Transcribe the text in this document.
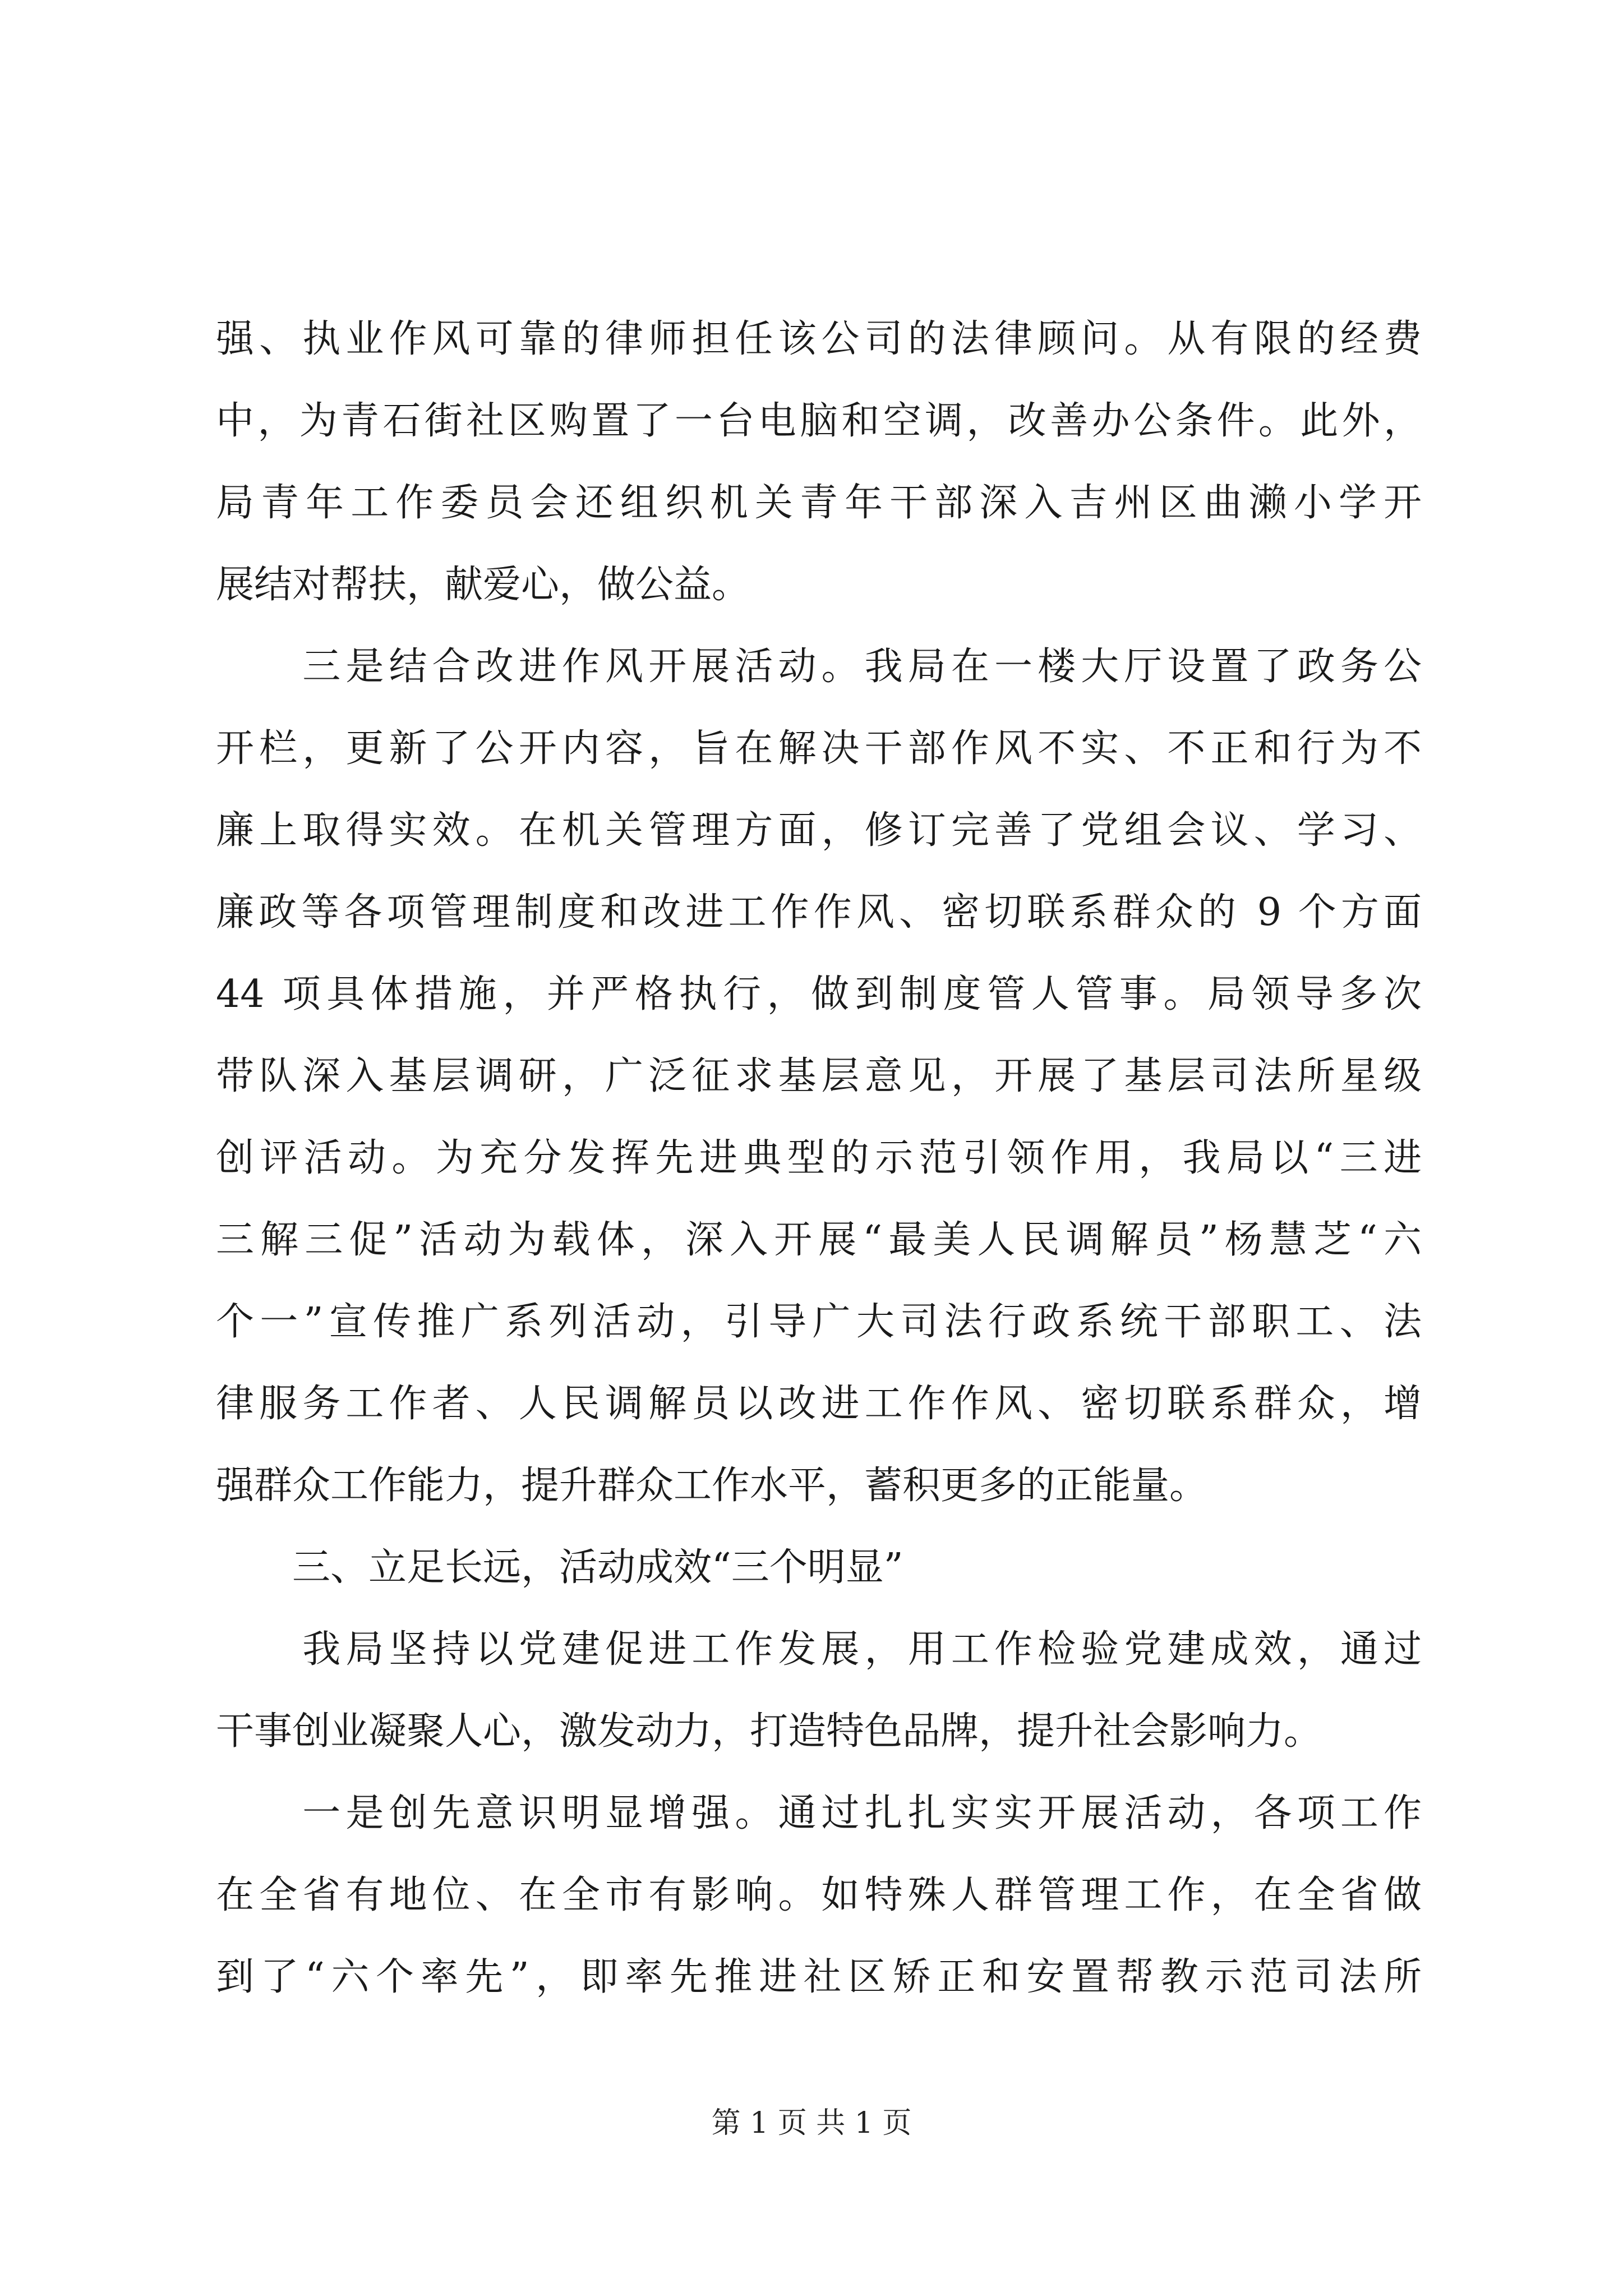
强、执业作风可靠的律师担任该公司的法律顾问。从有限的经费
中，为青石街社区购置了一台电脑和空调，改善办公条件。此外，
局青年工作委员会还组织机关青年干部深入吉州区曲濑小学开
展结对帮扶，献爱心，做公益。
　　三是结合改进作风开展活动。我局在一楼大厅设置了政务公
开栏，更新了公开内容，旨在解决干部作风不实、不正和行为不
廉上取得实效。在机关管理方面，修订完善了党组会议、学习、
廉政等各项管理制度和改进工作作风、密切联系群众的 9 个方面
44 项具体措施，并严格执行，做到制度管人管事。局领导多次
带队深入基层调研，广泛征求基层意见，开展了基层司法所星级
创评活动。为充分发挥先进典型的示范引领作用，我局以“三进
三解三促”活动为载体，深入开展“最美人民调解员”杨慧芝“六
个一”宣传推广系列活动，引导广大司法行政系统干部职工、法
律服务工作者、人民调解员以改进工作作风、密切联系群众，增
强群众工作能力，提升群众工作水平，蓄积更多的正能量。
　　三、立足长远，活动成效“三个明显”
　　我局坚持以党建促进工作发展，用工作检验党建成效，通过
干事创业凝聚人心，激发动力，打造特色品牌，提升社会影响力。
　　一是创先意识明显增强。通过扎扎实实开展活动，各项工作
在全省有地位、在全市有影响。如特殊人群管理工作，在全省做
到了“六个率先”，即率先推进社区矫正和安置帮教示范司法所
第 1 页 共 1 页
